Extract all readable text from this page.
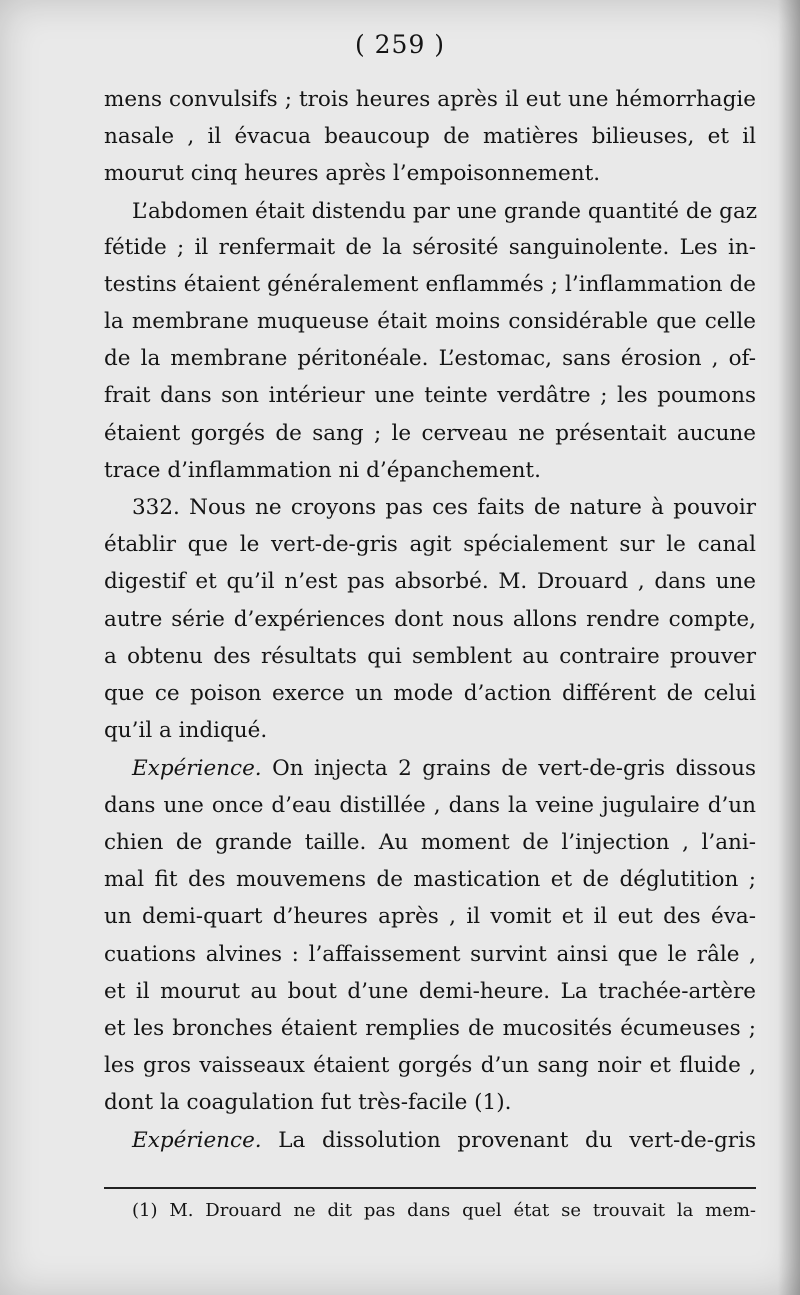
( 259 )
mens convulsifs ; trois heures après il eut une hémorrhagie
nasale , il évacua beaucoup de matières bilieuses, et il
mourut cinq heures après l’empoisonnement.
L’abdomen était distendu par une grande quantité de gaz
fétide ; il renfermait de la sérosité sanguinolente. Les in-
testins étaient généralement enflammés ; l’inflammation de
la membrane muqueuse était moins considérable que celle
de la membrane péritonéale. L’estomac, sans érosion , of-
frait dans son intérieur une teinte verdâtre ; les poumons
étaient gorgés de sang ; le cerveau ne présentait aucune
trace d’inflammation ni d’épanchement.
332. Nous ne croyons pas ces faits de nature à pouvoir
établir que le vert-de-gris agit spécialement sur le canal
digestif et qu’il n’est pas absorbé. M. Drouard , dans une
autre série d’expériences dont nous allons rendre compte,
a obtenu des résultats qui semblent au contraire prouver
que ce poison exerce un mode d’action différent de celui
qu’il a indiqué.
Expérience. On injecta 2 grains de vert-de-gris dissous
dans une once d’eau distillée , dans la veine jugulaire d’un
chien de grande taille. Au moment de l’injection , l’ani-
mal fit des mouvemens de mastication et de déglutition ;
un demi-quart d’heures après , il vomit et il eut des éva-
cuations alvines : l’affaissement survint ainsi que le râle ,
et il mourut au bout d’une demi-heure. La trachée-artère
et les bronches étaient remplies de mucosités écumeuses ;
les gros vaisseaux étaient gorgés d’un sang noir et fluide ,
dont la coagulation fut très-facile (1).
Expérience. La dissolution provenant du vert-de-gris
(1) M. Drouard ne dit pas dans quel état se trouvait la mem-
